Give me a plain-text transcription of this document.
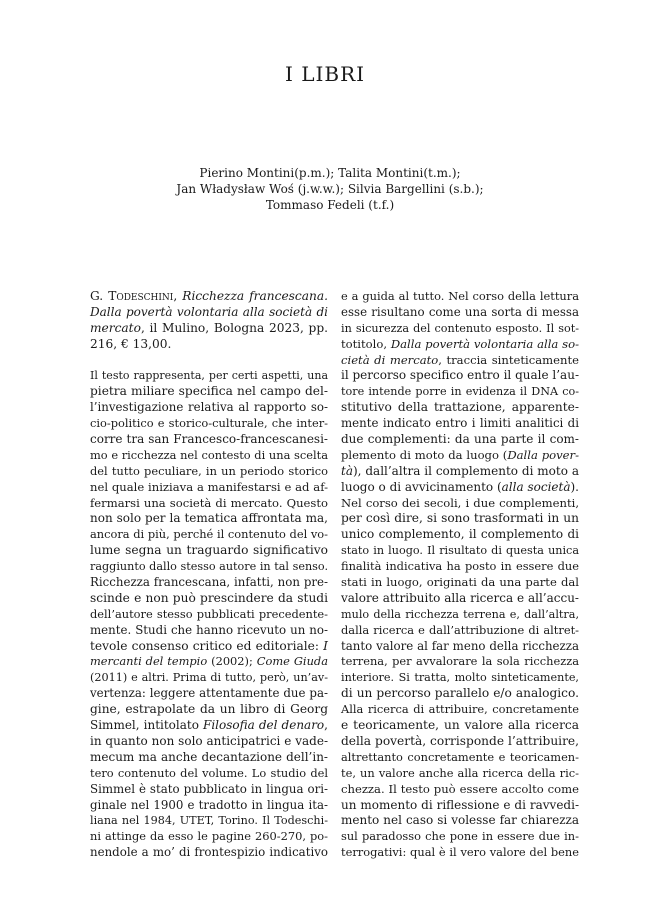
I LIBRI
Pierino Montini(p.m.); Talita Montini(t.m.);
Jan Władysław Woś (j.w.w.); Silvia Bargellini (s.b.);
Tommaso Fedeli (t.f.)
G. Todeschini, Ricchezza francescana.
Dalla povertà volontaria alla società di
mercato, il Mulino, Bologna 2023, pp.
216, € 13,00.
Il testo rappresenta, per certi aspetti, una
pietra miliare specifica nel campo del-
l’investigazione relativa al rapporto so-
cio-politico e storico-culturale, che inter-
corre tra san Francesco-francescanesi-
mo e ricchezza nel contesto di una scelta
del tutto peculiare, in un periodo storico
nel quale iniziava a manifestarsi e ad af-
fermarsi una società di mercato. Questo
non solo per la tematica affrontata ma,
ancora di più, perché il contenuto del vo-
lume segna un traguardo significativo
raggiunto dallo stesso autore in tal senso.
Ricchezza francescana, infatti, non pre-
scinde e non può prescindere da studi
dell’autore stesso pubblicati precedente-
mente. Studi che hanno ricevuto un no-
tevole consenso critico ed editoriale: I
mercanti del tempio (2002); Come Giuda
(2011) e altri. Prima di tutto, però, un’av-
vertenza: leggere attentamente due pa-
gine, estrapolate da un libro di Georg
Simmel, intitolato Filosofia del denaro,
in quanto non solo anticipatrici e vade-
mecum ma anche decantazione dell’in-
tero contenuto del volume. Lo studio del
Simmel è stato pubblicato in lingua ori-
ginale nel 1900 e tradotto in lingua ita-
liana nel 1984, UTET, Torino. Il Todeschi-
ni attinge da esso le pagine 260-270, po-
nendole a mo’ di frontespizio indicativo
e a guida al tutto. Nel corso della lettura
esse risultano come una sorta di messa
in sicurezza del contenuto esposto. Il sot-
totitolo, Dalla povertà volontaria alla so-
cietà di mercato, traccia sinteticamente
il percorso specifico entro il quale l’au-
tore intende porre in evidenza il DNA co-
stitutivo della trattazione, apparente-
mente indicato entro i limiti analitici di
due complementi: da una parte il com-
plemento di moto da luogo (Dalla pover-
tà), dall’altra il complemento di moto a
luogo o di avvicinamento (alla società).
Nel corso dei secoli, i due complementi,
per così dire, si sono trasformati in un
unico complemento, il complemento di
stato in luogo. Il risultato di questa unica
finalità indicativa ha posto in essere due
stati in luogo, originati da una parte dal
valore attribuito alla ricerca e all’accu-
mulo della ricchezza terrena e, dall’altra,
dalla ricerca e dall’attribuzione di altret-
tanto valore al far meno della ricchezza
terrena, per avvalorare la sola ricchezza
interiore. Si tratta, molto sinteticamente,
di un percorso parallelo e/o analogico.
Alla ricerca di attribuire, concretamente
e teoricamente, un valore alla ricerca
della povertà, corrisponde l’attribuire,
altrettanto concretamente e teoricamen-
te, un valore anche alla ricerca della ric-
chezza. Il testo può essere accolto come
un momento di riflessione e di ravvedi-
mento nel caso si volesse far chiarezza
sul paradosso che pone in essere due in-
terrogativi: qual è il vero valore del bene
